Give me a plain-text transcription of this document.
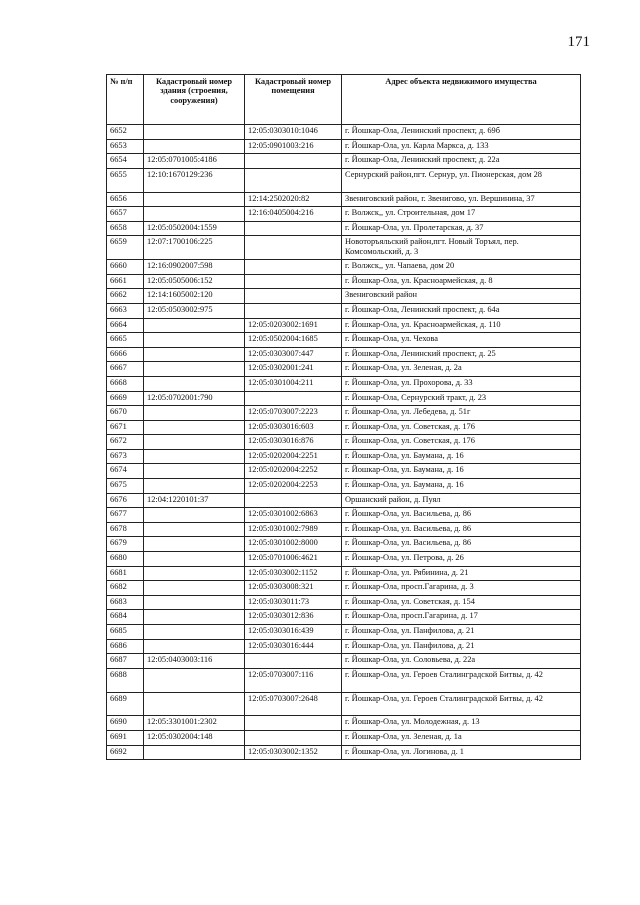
171
№ п/п	Кадастровый номер здания (строения, сооружения)	Кадастровый номер помещения	Адрес объекта недвижимого имущества
6652		12:05:0303010:1046	г. Йошкар-Ола, Ленинский проспект, д. 69б
6653		12:05:0901003:216	г. Йошкар-Ола, ул. Карла Маркса, д. 133
6654	12:05:0701005:4186		г. Йошкар-Ола, Ленинский проспект, д. 22а
6655	12:10:1670129:236		Сернурский район,пгт. Сернур, ул. Пионерская, дом 28
6656		12:14:2502020:82	Звениговский район, г. Звенигово, ул. Вершинина, 37
6657		12:16:0405004:216	г. Волжск,, ул. Строительная, дом 17
6658	12:05:0502004:1559		г. Йошкар-Ола, ул. Пролетарская, д. 37
6659	12:07:1700106:225		Новоторъяльский район,пгт. Новый Торъял, пер. Комсомольский, д. 3
6660	12:16:0902007:598		г. Волжск,, ул. Чапаева, дом 20
6661	12:05:0505006:152		г. Йошкар-Ола, ул. Красноармейская, д. 8
6662	12:14:1605002:120		Звениговский район
6663	12:05:0503002:975		г. Йошкар-Ола, Ленинский проспект, д. 64а
6664		12:05:0203002:1691	г. Йошкар-Ола, ул. Красноармейская, д. 110
6665		12:05:0502004:1685	г. Йошкар-Ола, ул. Чехова
6666		12:05:0303007:447	г. Йошкар-Ола, Ленинский проспект, д. 25
6667		12:05:0302001:241	г. Йошкар-Ола, ул. Зеленая, д. 2а
6668		12:05:0301004:211	г. Йошкар-Ола, ул. Прохорова, д. 33
6669	12:05:0702001:790		г. Йошкар-Ола, Сернурский тракт, д. 23
6670		12:05:0703007:2223	г. Йошкар-Ола, ул. Лебедева, д. 51г
6671		12:05:0303016:603	г. Йошкар-Ола, ул. Советская, д. 176
6672		12:05:0303016:876	г. Йошкар-Ола, ул. Советская, д. 176
6673		12:05:0202004:2251	г. Йошкар-Ола, ул. Баумана, д. 16
6674		12:05:0202004:2252	г. Йошкар-Ола, ул. Баумана, д. 16
6675		12:05:0202004:2253	г. Йошкар-Ола, ул. Баумана, д. 16
6676	12:04:1220101:37		Оршанский район, д. Пуял
6677		12:05:0301002:6863	г. Йошкар-Ола, ул. Васильева, д. 86
6678		12:05:0301002:7989	г. Йошкар-Ола, ул. Васильева, д. 86
6679		12:05:0301002:8000	г. Йошкар-Ола, ул. Васильева, д. 86
6680		12:05:0701006:4621	г. Йошкар-Ола, ул. Петрова, д. 26
6681		12:05:0303002:1152	г. Йошкар-Ола, ул. Рябинина, д. 21
6682		12:05:0303008:321	г. Йошкар-Ола, просп.Гагарина, д. 3
6683		12:05:0303011:73	г. Йошкар-Ола, ул. Советская, д. 154
6684		12:05:0303012:836	г. Йошкар-Ола, просп.Гагарина, д. 17
6685		12:05:0303016:439	г. Йошкар-Ола, ул. Панфилова, д. 21
6686		12:05:0303016:444	г. Йошкар-Ола, ул. Панфилова, д. 21
6687	12:05:0403003:116		г. Йошкар-Ола, ул. Соловьева, д. 22а
6688		12:05:0703007:116	г. Йошкар-Ола, ул. Героев Сталинградской Битвы, д. 42
6689		12:05:0703007:2648	г. Йошкар-Ола, ул. Героев Сталинградской Битвы, д. 42
6690	12:05:3301001:2302		г. Йошкар-Ола, ул. Молодежная, д. 13
6691	12:05:0302004:148		г. Йошкар-Ола, ул. Зеленая, д. 1а
6692		12:05:0303002:1352	г. Йошкар-Ола, ул. Логинова, д. 1
